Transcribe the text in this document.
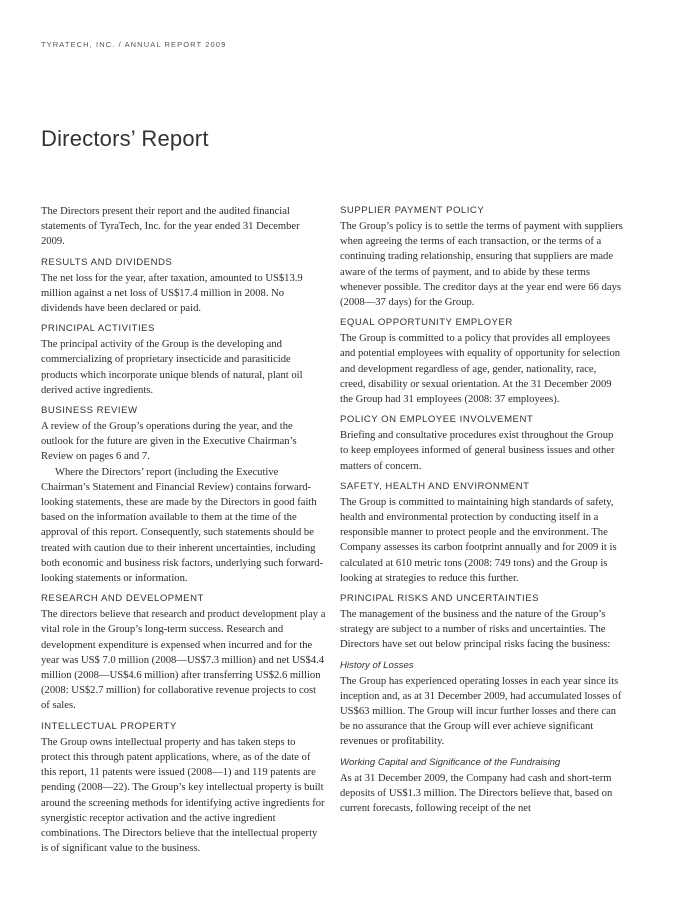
TYRATECH, INC. / ANNUAL REPORT 2009
Directors’ Report

The Directors present their report and the audited financial statements of TyraTech, Inc. for the year ended 31 December 2009.

RESULTS AND DIVIDENDS

The net loss for the year, after taxation, amounted to US$13.9 million against a net loss of US$17.4 million in 2008. No dividends have been declared or paid.

PRINCIPAL ACTIVITIES

The principal activity of the Group is the developing and commercializing of proprietary insecticide and parasiticide products which incorporate unique blends of natural, plant oil derived active ingredients.

BUSINESS REVIEW

A review of the Group’s operations during the year, and the outlook for the future are given in the Executive Chairman’s Review on pages 6 and 7.

Where the Directors’ report (including the Executive Chairman’s Statement and Financial Review) contains forward-looking statements, these are made by the Directors in good faith based on the information available to them at the time of the approval of this report. Consequently, such statements should be treated with caution due to their inherent uncertainties, including both economic and business risk factors, underlying such forward-looking statements or information.

RESEARCH AND DEVELOPMENT

The directors believe that research and product development play a vital role in the Group’s long-term success. Research and development expenditure is expensed when incurred and for the year was US$ 7.0 million (2008—US$7.3 million) and net US$4.4 million (2008—US$4.6 million) after transferring US$2.6 million (2008: US$2.7 million) for collaborative revenue projects to cost of sales.

INTELLECTUAL PROPERTY

The Group owns intellectual property and has taken steps to protect this through patent applications, where, as of the date of this report, 11 patents were issued (2008—1) and 119 patents are pending (2008—22). The Group’s key intellectual property is built around the screening methods for identifying active ingredients for synergistic receptor activation and the active ingredient combinations. The Directors believe that the intellectual property is of significant value to the business.

SUPPLIER PAYMENT POLICY

The Group’s policy is to settle the terms of payment with suppliers when agreeing the terms of each transaction, or the terms of a continuing trading relationship, ensuring that suppliers are made aware of the terms of payment, and to abide by these terms whenever possible. The creditor days at the year end were 66 days (2008—37 days) for the Group.

EQUAL OPPORTUNITY EMPLOYER

The Group is committed to a policy that provides all employees and potential employees with equality of opportunity for selection and development regardless of age, gender, nationality, race, creed, disability or sexual orientation. At the 31 December 2009 the Group had 31 employees (2008: 37 employees).

POLICY ON EMPLOYEE INVOLVEMENT

Briefing and consultative procedures exist throughout the Group to keep employees informed of general business issues and other matters of concern.

SAFETY, HEALTH AND ENVIRONMENT

The Group is committed to maintaining high standards of safety, health and environmental protection by conducting itself in a responsible manner to protect people and the environment. The Company assesses its carbon footprint annually and for 2009 it is calculated at 610 metric tons (2008: 749 tons) and the Group is looking at strategies to reduce this further.

PRINCIPAL RISKS AND UNCERTAINTIES

The management of the business and the nature of the Group’s strategy are subject to a number of risks and uncertainties. The Directors have set out below principal risks facing the business:

History of Losses

The Group has experienced operating losses in each year since its inception and, as at 31 December 2009, had accumulated losses of US$63 million. The Group will incur further losses and there can be no assurance that the Group will ever achieve significant revenues or profitability.

Working Capital and Significance of the Fundraising

As at 31 December 2009, the Company had cash and short-term deposits of US$1.3 million. The Directors believe that, based on current forecasts, following receipt of the net
